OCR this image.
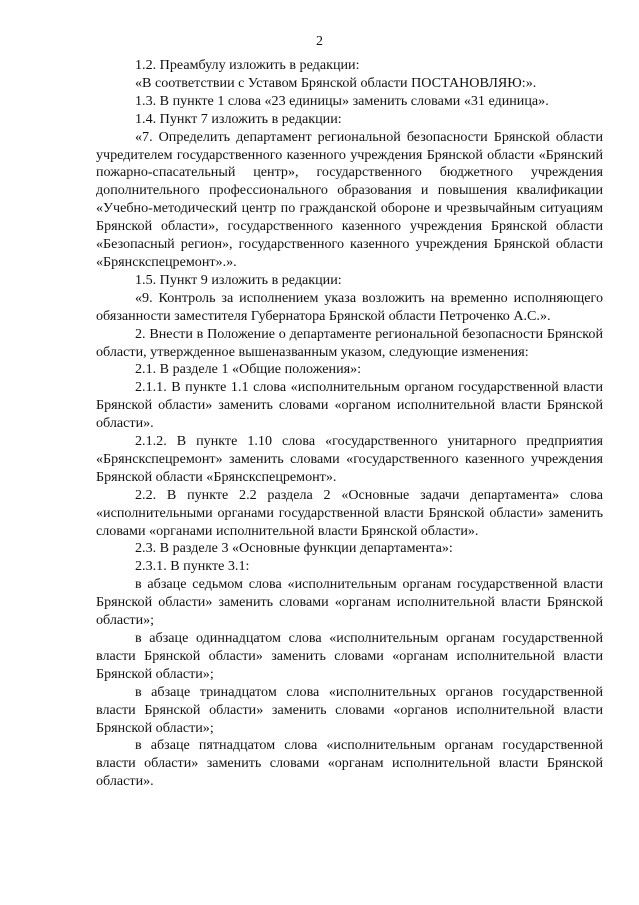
2

1.2. Преамбулу изложить в редакции:

«В соответствии с Уставом Брянской области ПОСТАНОВЛЯЮ:».

1.3. В пункте 1 слова «23 единицы» заменить словами «31 единица».

1.4. Пункт 7 изложить в редакции:

«7. Определить департамент региональной безопасности Брянской области учредителем государственного казенного учреждения Брянской области «Брянский пожарно-спасательный центр», государственного бюджетного учреждения дополнительного профессионального образования и повышения квалификации «Учебно-методический центр по гражданской обороне и чрезвычайным ситуациям Брянской области», государственного казенного учреждения Брянской области «Безопасный регион», государственного казенного учреждения Брянской области «Брянскспецремонт».».

1.5. Пункт 9 изложить в редакции:

«9. Контроль за исполнением указа возложить на временно исполняющего обязанности заместителя Губернатора Брянской области Петроченко А.С.».

2. Внести в Положение о департаменте региональной безопасности Брянской области, утвержденное вышеназванным указом, следующие изменения:

2.1. В разделе 1 «Общие положения»:

2.1.1. В пункте 1.1 слова «исполнительным органом государственной власти Брянской области» заменить словами «органом исполнительной власти Брянской области».

2.1.2. В пункте 1.10 слова «государственного унитарного предприятия «Брянскспецремонт» заменить словами «государственного казенного учреждения Брянской области «Брянскспецремонт».

2.2. В пункте 2.2 раздела 2 «Основные задачи департамента» слова «исполнительными органами государственной власти Брянской области» заменить словами «органами исполнительной власти Брянской области».

2.3. В разделе 3 «Основные функции департамента»:

2.3.1. В пункте 3.1:

в абзаце седьмом слова «исполнительным органам государственной власти Брянской области» заменить словами «органам исполнительной власти Брянской области»;

в абзаце одиннадцатом слова «исполнительным органам государственной власти Брянской области» заменить словами «органам исполнительной власти Брянской области»;

в абзаце тринадцатом слова «исполнительных органов государственной власти Брянской области» заменить словами «органов исполнительной власти Брянской области»;

в абзаце пятнадцатом слова «исполнительным органам государственной власти области» заменить словами «органам исполнительной власти Брянской области».
